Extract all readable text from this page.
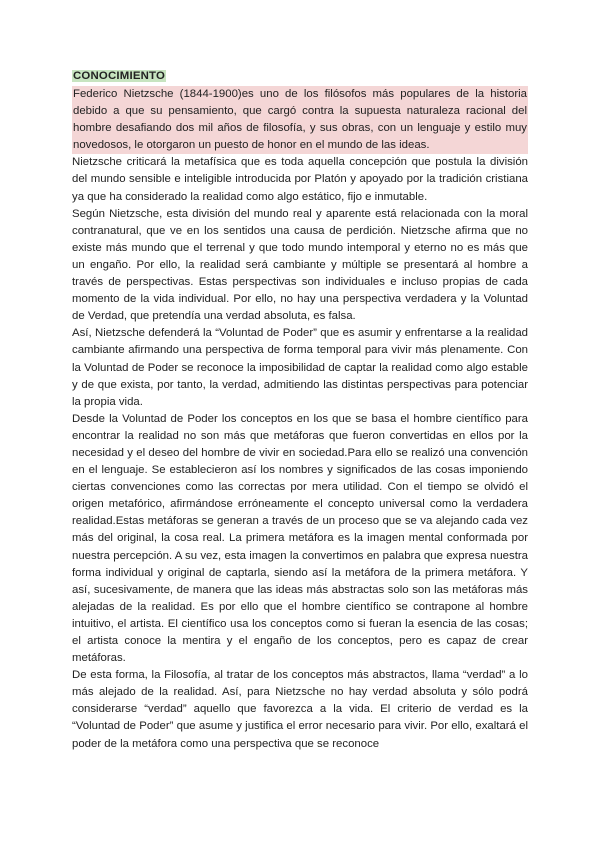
CONOCIMIENTO

Federico Nietzsche (1844-1900)es uno de los filósofos más populares de la historia debido a que su pensamiento, que cargó contra la supuesta naturaleza racional del hombre desafiando dos mil años de filosofía, y sus obras, con un lenguaje y estilo muy novedosos, le otorgaron un puesto de honor en el mundo de las ideas.

Nietzsche criticará la metafísica que es toda aquella concepción que postula la división del mundo sensible e inteligible introducida por Platón y apoyado por la tradición cristiana ya que ha considerado la realidad como algo estático, fijo e inmutable.

Según Nietzsche, esta división del mundo real y aparente está relacionada con la moral contranatural, que ve en los sentidos una causa de perdición. Nietzsche afirma que no existe más mundo que el terrenal y que todo mundo intemporal y eterno no es más que un engaño. Por ello, la realidad será cambiante y múltiple se presentará al hombre a través de perspectivas. Estas perspectivas son individuales e incluso propias de cada momento de la vida individual. Por ello, no hay una perspectiva verdadera y la Voluntad de Verdad, que pretendía una verdad absoluta, es falsa.

Así, Nietzsche defenderá la “Voluntad de Poder” que es asumir y enfrentarse a la realidad cambiante afirmando una perspectiva de forma temporal para vivir más plenamente. Con la Voluntad de Poder se reconoce la imposibilidad de captar la realidad como algo estable y de que exista, por tanto, la verdad, admitiendo las distintas perspectivas para potenciar la propia vida.

Desde la Voluntad de Poder los conceptos en los que se basa el hombre científico para encontrar la realidad no son más que metáforas que fueron convertidas en ellos por la necesidad y el deseo del hombre de vivir en sociedad.Para ello se realizó una convención en el lenguaje. Se establecieron así los nombres y significados de las cosas imponiendo ciertas convenciones como las correctas por mera utilidad. Con el tiempo se olvidó el origen metafórico, afirmándose erróneamente el concepto universal como la verdadera realidad.Estas metáforas se generan a través de un proceso que se va alejando cada vez más del original, la cosa real. La primera metáfora es la imagen mental conformada por nuestra percepción. A su vez, esta imagen la convertimos en palabra que expresa nuestra forma individual y original de captarla, siendo así la metáfora de la primera metáfora. Y así, sucesivamente, de manera que las ideas más abstractas solo son las metáforas más alejadas de la realidad. Es por ello que el hombre científico se contrapone al hombre intuitivo, el artista. El científico usa los conceptos como si fueran la esencia de las cosas; el artista conoce la mentira y el engaño de los conceptos, pero es capaz de crear metáforas.

De esta forma, la Filosofía, al tratar de los conceptos más abstractos, llama “verdad” a lo más alejado de la realidad. Así, para Nietzsche no hay verdad absoluta y sólo podrá considerarse “verdad” aquello que favorezca a la vida. El criterio de verdad es la “Voluntad de Poder” que asume y justifica el error necesario para vivir. Por ello, exaltará el poder de la metáfora como una perspectiva que se reconoce
